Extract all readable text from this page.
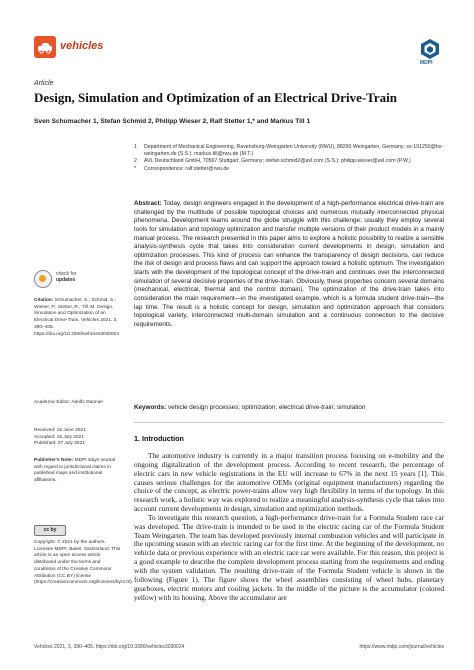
vehicles
MDPI
Article
Design, Simulation and Optimization of an Electrical Drive-Train
Sven Schumacher 1, Stefan Schmid 2, Philipp Wieser 2, Ralf Stetter 1,* and Markus Till 1
1	Department of Mechanical Engineering, Ravensburg-Weingarten University (RWU), 88250 Weingarten, Germany; ss-191250@hs-weingarten.de (S.S.); markus.till@rwu.de (M.T.)
2	AVL Deutschland GmbH, 70567 Stuttgart, Germany; stefan.schmid2@avl.com (S.S.); philipp.wieser@avl.com (P.W.)
*	Correspondence: ralf.stetter@rwu.de
check for
updates
Abstract: Today, design engineers engaged in the development of a high-performance electrical drive-train are challenged by the multitude of possible topological choices and numerous mutually interconnected physical phenomena. Development teams around the globe struggle with this challenge; usually they employ several tools for simulation and topology optimization and transfer multiple versions of their product models in a mainly manual process. The research presented in this paper aims to explore a holistic possibility to realize a sensible analysis-synthesis cycle that takes into consideration current developments in design, simulation and optimization processes. This kind of process can enhance the transparency of design decisions, can reduce the risk of design and process flaws and can support the approach toward a holistic optimum. The investigation starts with the development of the topological concept of the drive-train and continues over the interconnected simulation of several decisive properties of the drive-train. Obviously, these properties concern several domains (mechanical, electrical, thermal and the control domain). The optimization of the drive-train takes into consideration the main requirement—in the investigated example, which is a formula student drive-train—the lap time. The result is a holistic concept for design, simulation and optimization approach that considers topological variety, interconnected multi-domain simulation and a continuous connection to the decisive requirements.
Keywords: vehicle design processes; optimization; electrical drive-train; simulation
Citation: Schumacher, S.; Schmid, S.; Wieser, P.; Stetter, R.; Till, M. Design, Simulation and Optimization of an Electrical Drive-Train. Vehicles 2021, 3, 390–405. https://doi.org/10.3390/vehicles3030024
Academic Editor: Adolfo Dannier
Received: 16 June 2021
Accepted: 16 July 2021
Published: 27 July 2021
Publisher's Note: MDPI stays neutral with regard to jurisdictional claims in published maps and institutional affiliations.
cc by
Copyright: © 2021 by the authors. Licensee MDPI, Basel, Switzerland. This article is an open access article distributed under the terms and conditions of the Creative Commons Attribution (CC BY) license (https://creativecommons.org/licenses/by/4.0/).
1. Introduction

The automotive industry is currently in a major transition process focusing on e-mobility and the ongoing digitalization of the development process. According to recent research, the percentage of electric cars in new vehicle registrations in the EU will increase to 67% in the next 15 years [1]. This causes serious challenges for the automotive OEMs (original equipment manufacturers) regarding the choice of the concept, as electric power-trains allow very high flexibility in terms of the topology. In this research work, a holistic way was explored to realize a meaningful analysis-synthesis cycle that takes into account current developments in design, simulation and optimization methods.

To investigate this research question, a high-performance drive-train for a Formula Student race car was developed. The drive-train is intended to be used in the electric racing car of the Formula Student Team Weingarten. The team has developed previously internal combustion vehicles and will participate in the upcoming season with an electric racing car for the first time. At the beginning of the development, no vehicle data or previous experience with an electric race car were available. For this reason, this project is a good example to describe the complete development process starting from the requirements and ending with the system validation. The resulting drive-train of the Formula Student vehicle is shown in the following (Figure 1). The figure shows the wheel assemblies consisting of wheel hubs, planetary gearboxes, electric motors and cooling jackets. In the middle of the picture is the accumulator (colored yellow) with its housing. Above the accumulator are

Vehicles 2021, 3, 390–405. https://doi.org/10.3390/vehicles3030024	https://www.mdpi.com/journal/vehicles
